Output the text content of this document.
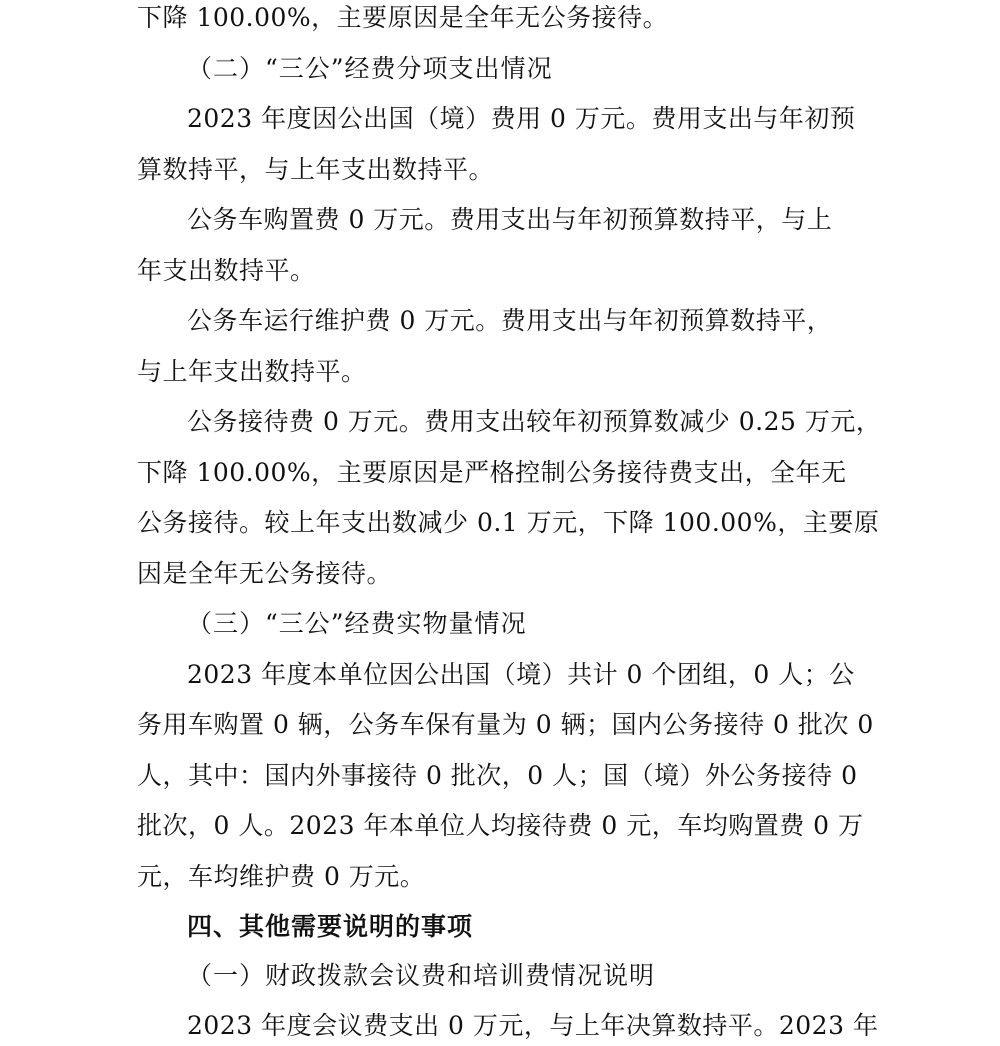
下降 100.00%，主要原因是全年无公务接待。
（二）“三公”经费分项支出情况
2023 年度因公出国（境）费用 0 万元。费用支出与年初预
算数持平，与上年支出数持平。
公务车购置费 0 万元。费用支出与年初预算数持平，与上
年支出数持平。
公务车运行维护费 0 万元。费用支出与年初预算数持平，
与上年支出数持平。
公务接待费 0 万元。费用支出较年初预算数减少 0.25 万元，
下降 100.00%，主要原因是严格控制公务接待费支出，全年无
公务接待。较上年支出数减少 0.1 万元，下降 100.00%，主要原
因是全年无公务接待。
（三）“三公”经费实物量情况
2023 年度本单位因公出国（境）共计 0 个团组，0 人；公
务用车购置 0 辆，公务车保有量为 0 辆；国内公务接待 0 批次 0
人，其中：国内外事接待 0 批次，0 人；国（境）外公务接待 0
批次，0 人。2023 年本单位人均接待费 0 元，车均购置费 0 万
元，车均维护费 0 万元。
四、其他需要说明的事项
（一）财政拨款会议费和培训费情况说明
2023 年度会议费支出 0 万元，与上年决算数持平。2023 年
